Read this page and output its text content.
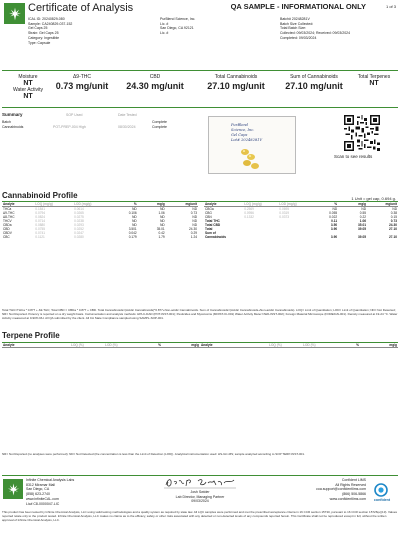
Certificate of Analysis	QA SAMPLE - INFORMATIONAL ONLY	1 of 3
ICAL ID: 20240829-080
Sample: CA240829-037-152
Gel Caps 25
Strain: Gel Caps 25
Category: Ingestible
Type: Capsule
PurBlend Science, Inc.
Lic. #
San Diego, CA 92121
Lic. #
Batch# 20248281V
Batch Size Collected:
Total Batch Size:
Collected: 09/03/2024; Received: 09/03/2024
Completed: 09/03/2024
Moisture
NT
Water Activity
NT
Δ9-THC
0.73 mg/unit
CBD
24.30 mg/unit
Total Cannabinoids
27.10 mg/unit
Sum of Cannabinoids
27.10 mg/unit
Total Terpenes
NT
Summary	SOP Used	Date Tested
Batch	Complete
Cannabinoids	POT-PREP-004 High	08/30/2024	Complete	PurBlend
Science, Inc.
Gel Caps
Lot# 20248281V
Scan to see results
Cannabinoid Profile	1 Unit = gel cap, 0.694 g.
Analyte	LOQ (mg/g)	LOD (mg/g)	%	mg/g	mg/unit
THCa	0.1841	0.0614	ND	ND	ND
Δ9-THC	0.0794	0.0265	0.106	1.06	0.73
Δ8-THC	0.0824	0.0275	ND	ND	ND
THCV	0.0714	0.0238	ND	ND	ND
CBDa	0.0880	0.0293	ND	ND	ND
CBD	0.0755	0.0252	3.501	35.01	24.30
CBDV	0.0741	0.0247	0.042	0.42	0.29
CBC	0.1121	0.0280	0.179	1.79	1.24
Analyte	LOQ (mg/g)	LOD (mg/g)	%	mg/g	mg/unit
CBGa	0.2569	0.0695	ND	ND	ND
CBG	0.0956	0.0319	0.055	0.55	0.38
CBN	0.1332	0.0373	0.022	0.22	0.15
Total THC			0.11	1.06	0.73
Total CBD			3.50	35.01	24.30
Total			3.90	39.05	27.10
Sum of					
Cannabinoids			3.90	39.05	27.10
Total THC=THCa * 0.877 + Δ9-THC; Total CBD = CBDa * 0.877 + CBD. Total Cannabinoids=(Acidic Cannabinoids)*0.877+Non-acidic Cannabinoids. Sum of Cannabinoids=(Acidic Cannabinoids+Non-acidic Cannabinoids). LOQ= Limit of Quantitation; LOD= Limit of Quantitation; ND= Not Detected; NR= Not Reported. Potency is reported on a dry weight basis. Instrumentation and analysis methods: HPLC-DAD (POT-INST-001); Pesticides and Mycotoxins (MOIST-IC-001) Water Activity Meter NWA-INST-002); Foreign Material Microscope (FOREIGN-001). Density measured at 19-24 °C. Water Activity measured at 0-90% RH. All QA submitted by the client. All CA State Compliance sampled using SAMPL-SOP-001.
Terpene Profile
Analyte	LOQ (%)	LOD (%)	%	mg/g	Analyte	LOQ (%)	LOD (%)	%	mg/g
NR= Not Reported (no analyses were performed); ND= Not Detected (the concentration is less than the Limit of Detection (LOD)). Analytical instrumentation used: HS-GC-MS; sample analyzed according to SOP TERP-INST-001.
Infinite Chemical Analysis Labs
8312 Miramar Mall
San Diego, CA
(858) 623-2740
www.infiniteCAL.com
Lic# C8-0000047-LIC
Josh Swider
Lab Director, Managing Partner
09/03/2024
Confident LIMS
All Rights Reserved
coa.support@confidentlims.com
(866) 506-5866
www.confidentlims.com	confident
This product has been tested by Infinite Chemical Analysis, LLC using valid testing methodologies and a quality system as required by state law. All LQC samples were performed and met the prescribed acceptance criteria in 16 CCR section 15730, pursuant to 16 CCR section 15726(e)(13). Values reported relate only to the product tested. Infinite Chemical Analysis, LLC makes no claims as to the efficacy, safety or other risks associated with any detected or non-detected levels of any compounds reported herein. This Certificate shall not be reproduced except in full, without the written approval of Infinite Chemical Analysis, LLC.
